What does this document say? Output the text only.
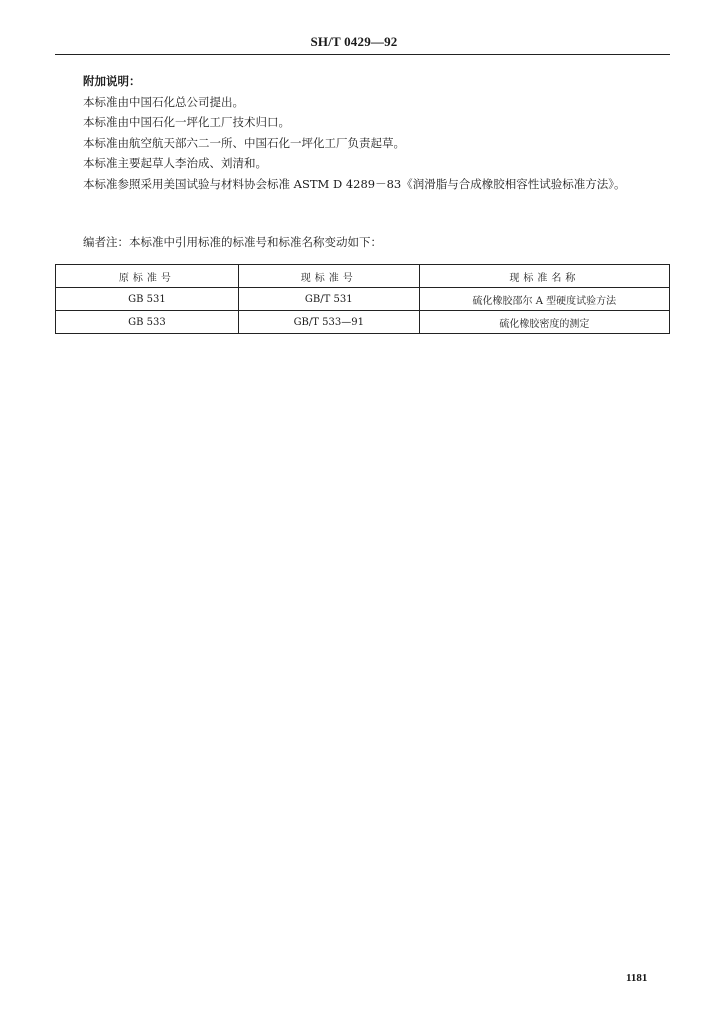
SH/T 0429—92
附加说明：
本标准由中国石化总公司提出。
本标准由中国石化一坪化工厂技术归口。
本标准由航空航天部六二一所、中国石化一坪化工厂负责起草。
本标准主要起草人李治成、刘清和。
本标准参照采用美国试验与材料协会标准 ASTM D 4289－83《润滑脂与合成橡胶相容性试验标准方法》。
编者注：本标准中引用标准的标准号和标准名称变动如下：
原标准号	现标准号	现标准名称
GB 531	GB/T 531	硫化橡胶邵尔 A 型硬度试验方法
GB 533	GB/T 533—91	硫化橡胶密度的测定
1181
